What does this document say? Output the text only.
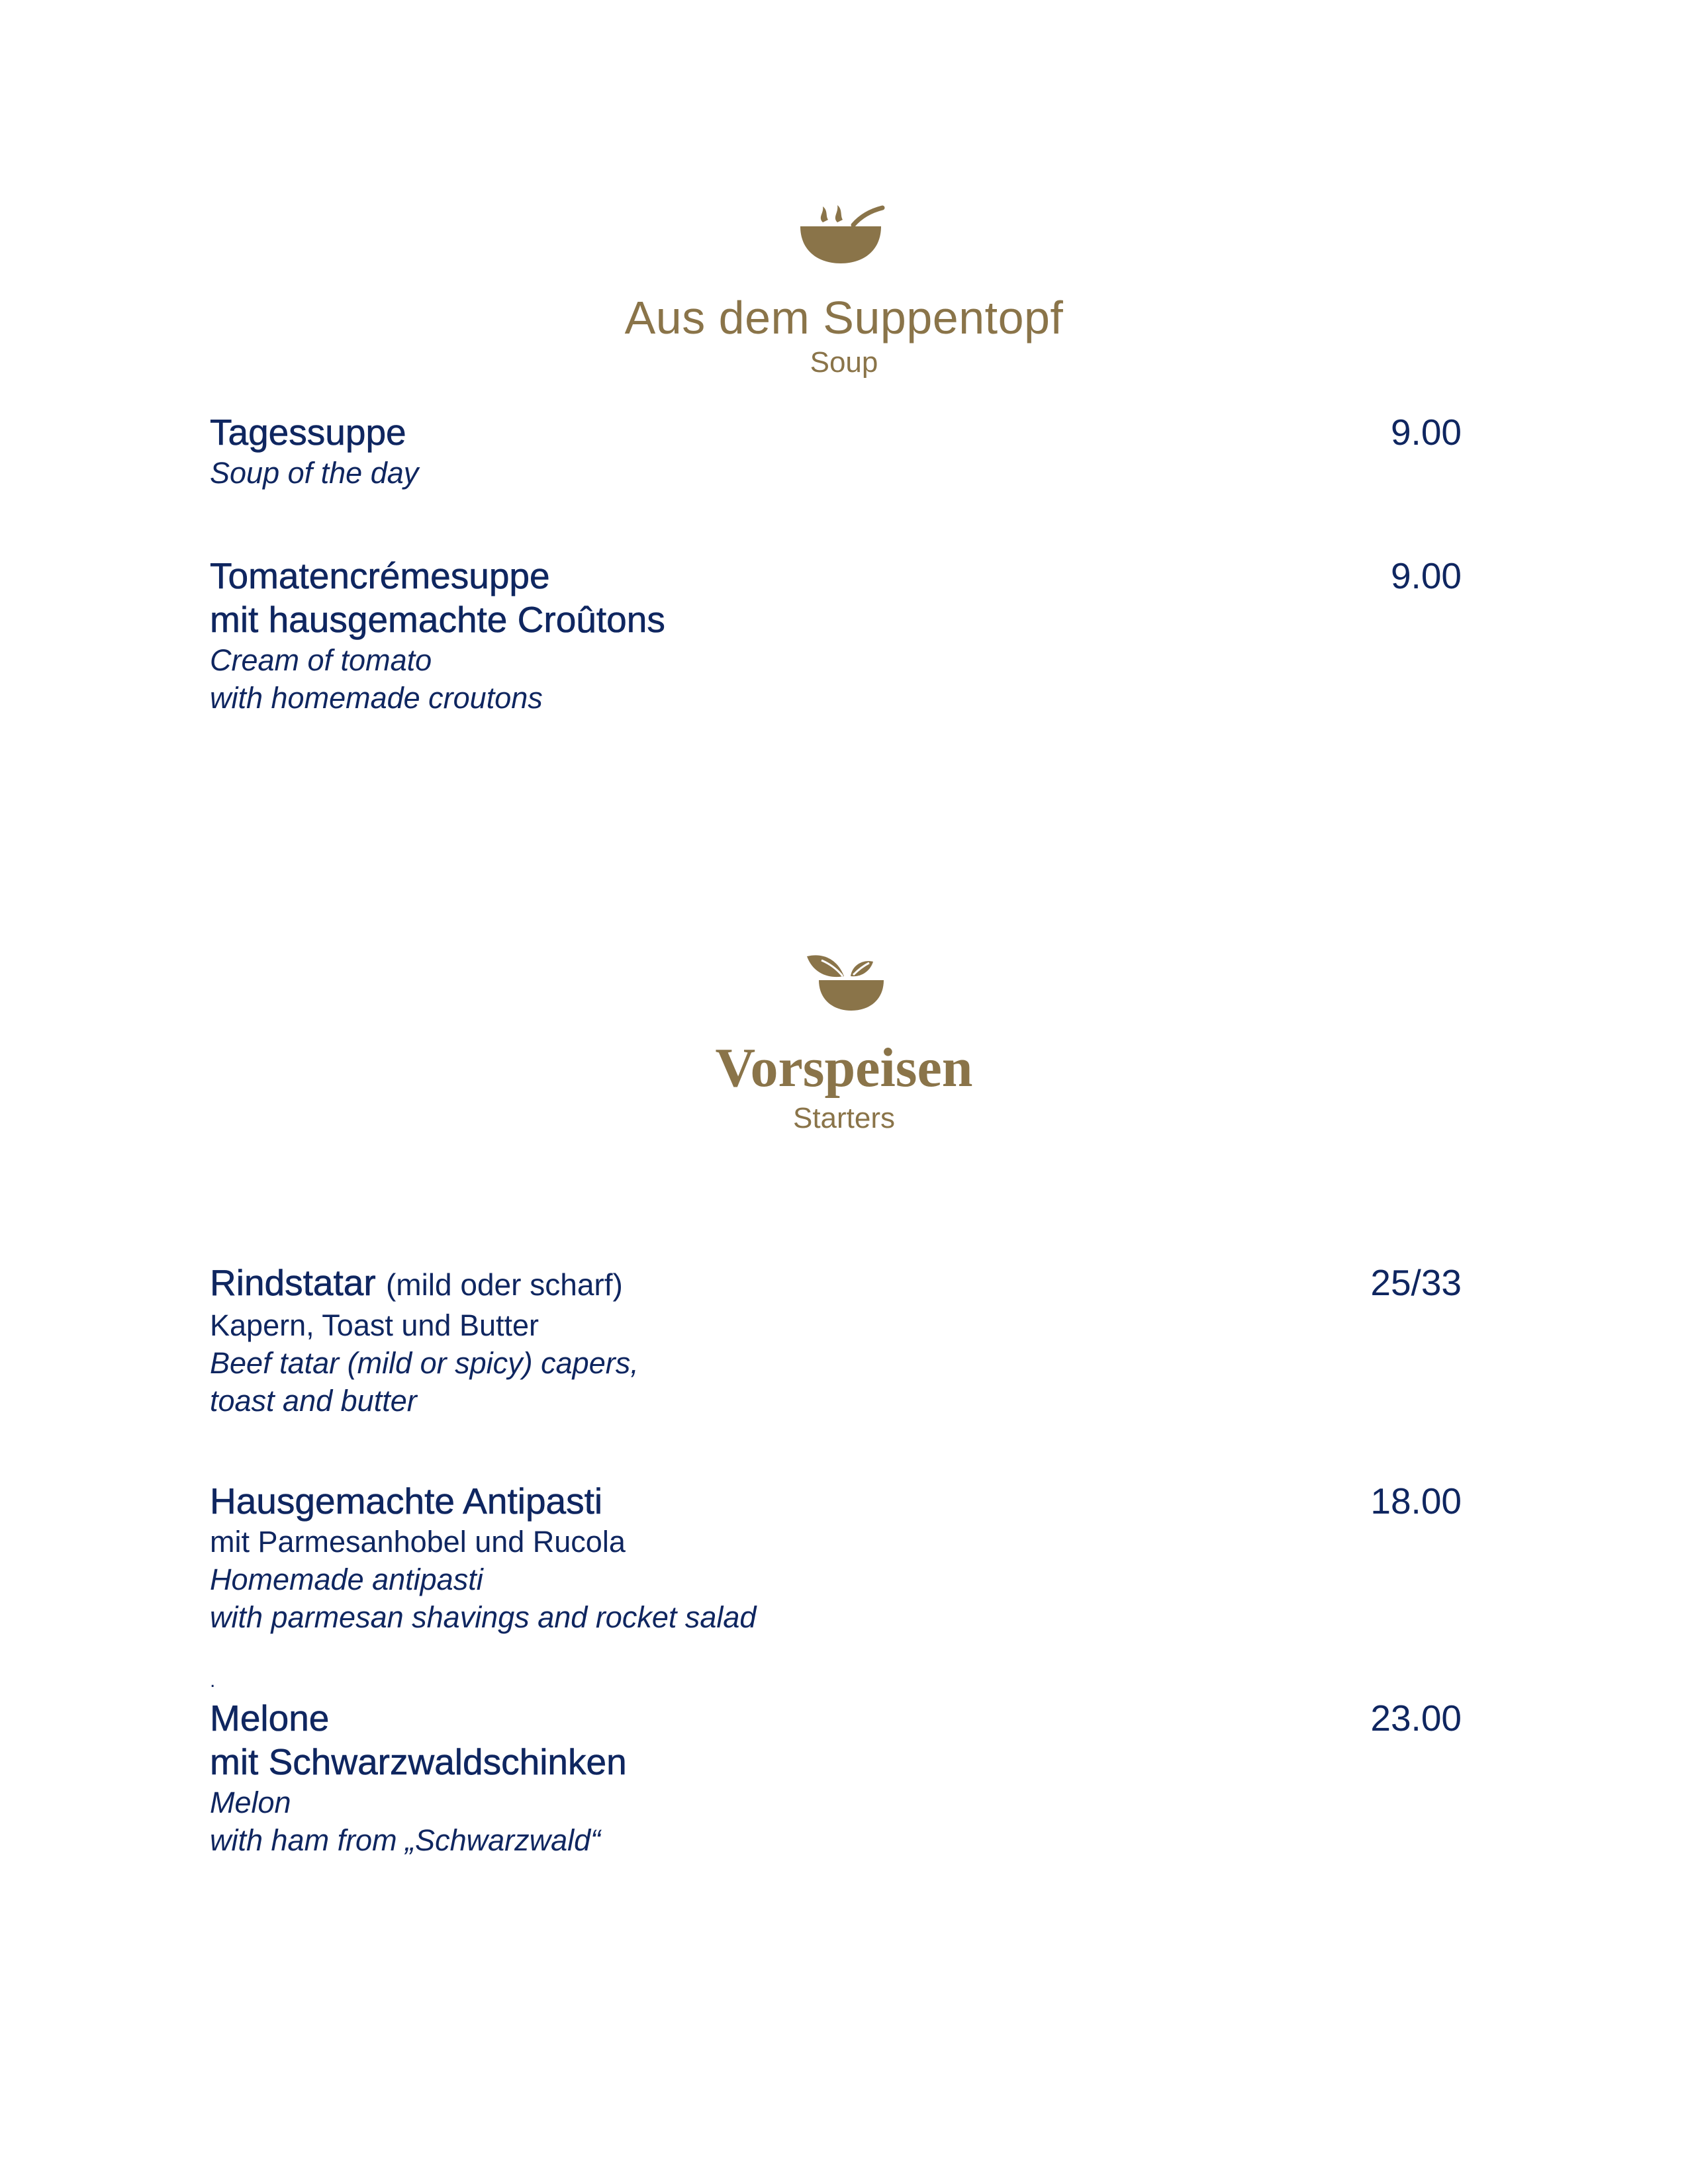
Aus dem Suppentopf
Soup
Tagessuppe
Soup of the day
9.00
Tomatencrémesuppe
mit hausgemachte Croûtons
Cream of tomato
with homemade croutons
9.00
Vorspeisen
Starters
Rindstatar (mild oder scharf)
Kapern, Toast und Butter
Beef tatar (mild or spicy) capers,
toast and butter
25/33
Hausgemachte Antipasti
mit Parmesanhobel und Rucola
Homemade antipasti
with parmesan shavings and rocket salad
18.00
.
Melone
mit Schwarzwaldschinken
Melon
with ham from „Schwarzwald“
23.00
